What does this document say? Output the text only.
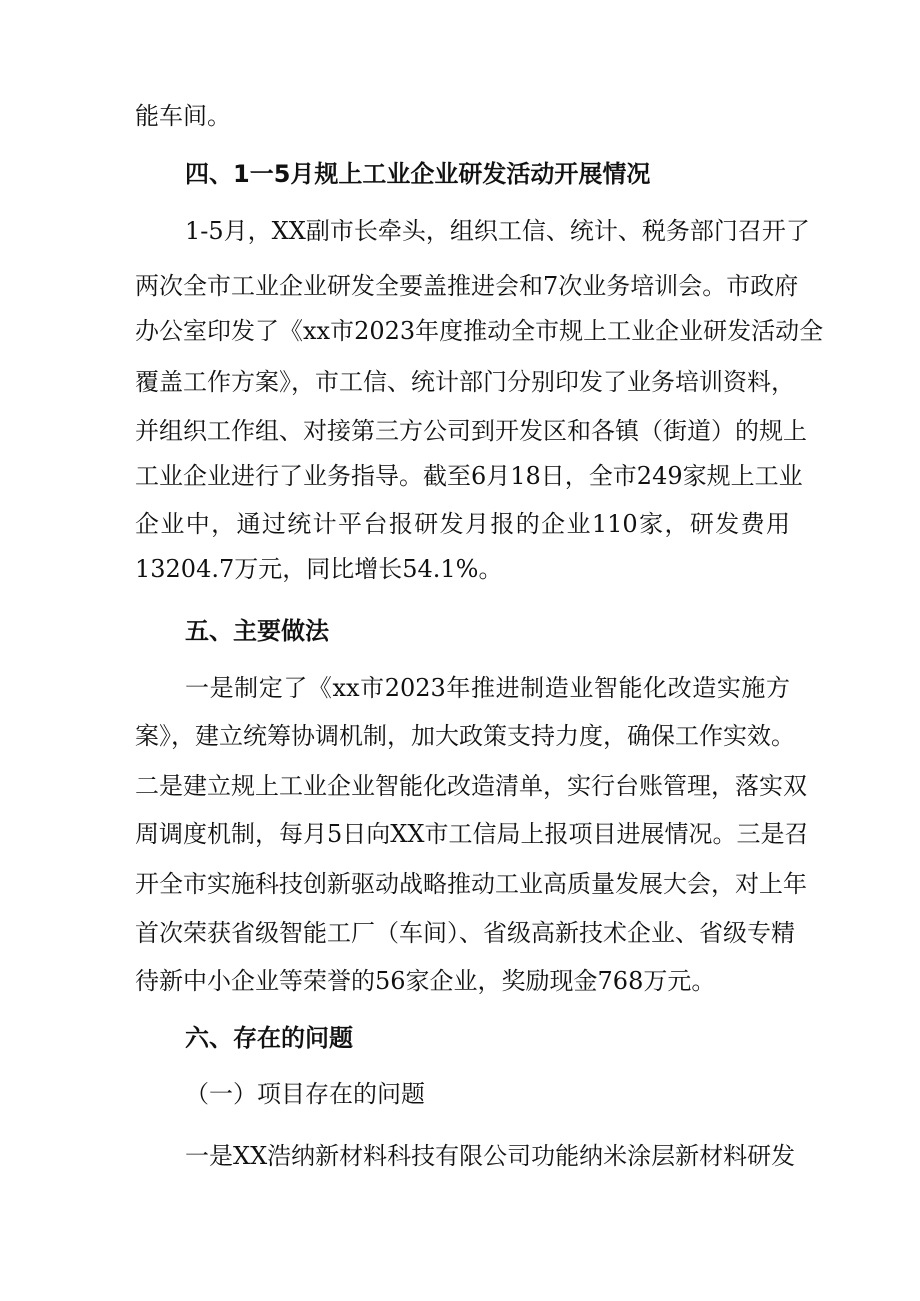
能车间。
四、1一5月规上工业企业研发活动开展情况
1-5月，XX副市长牵头，组织工信、统计、税务部门召开了
两次全市工业企业研发全要盖推进会和7次业务培训会。市政府
办公室印发了《xx市2023年度推动全市规上工业企业研发活动全
覆盖工作方案》，市工信、统计部门分别印发了业务培训资料，
并组织工作组、对接第三方公司到开发区和各镇（街道）的规上
工业企业进行了业务指导。截至6月18日，全市249家规上工业
企业中，通过统计平台报研发月报的企业110家，研发费用
13204.7万元，同比增长54.1%。
五、主要做法
一是制定了《xx市2023年推进制造业智能化改造实施方
案》，建立统筹协调机制，加大政策支持力度，确保工作实效。
二是建立规上工业企业智能化改造清单，实行台账管理，落实双
周调度机制，每月5日向XX市工信局上报项目进展情况。三是召
开全市实施科技创新驱动战略推动工业高质量发展大会，对上年
首次荣获省级智能工厂（车间）、省级高新技术企业、省级专精
待新中小企业等荣誉的56家企业，奖励现金768万元。
六、存在的问题
（一）项目存在的问题
一是XX浩纳新材料科技有限公司功能纳米涂层新材料研发
